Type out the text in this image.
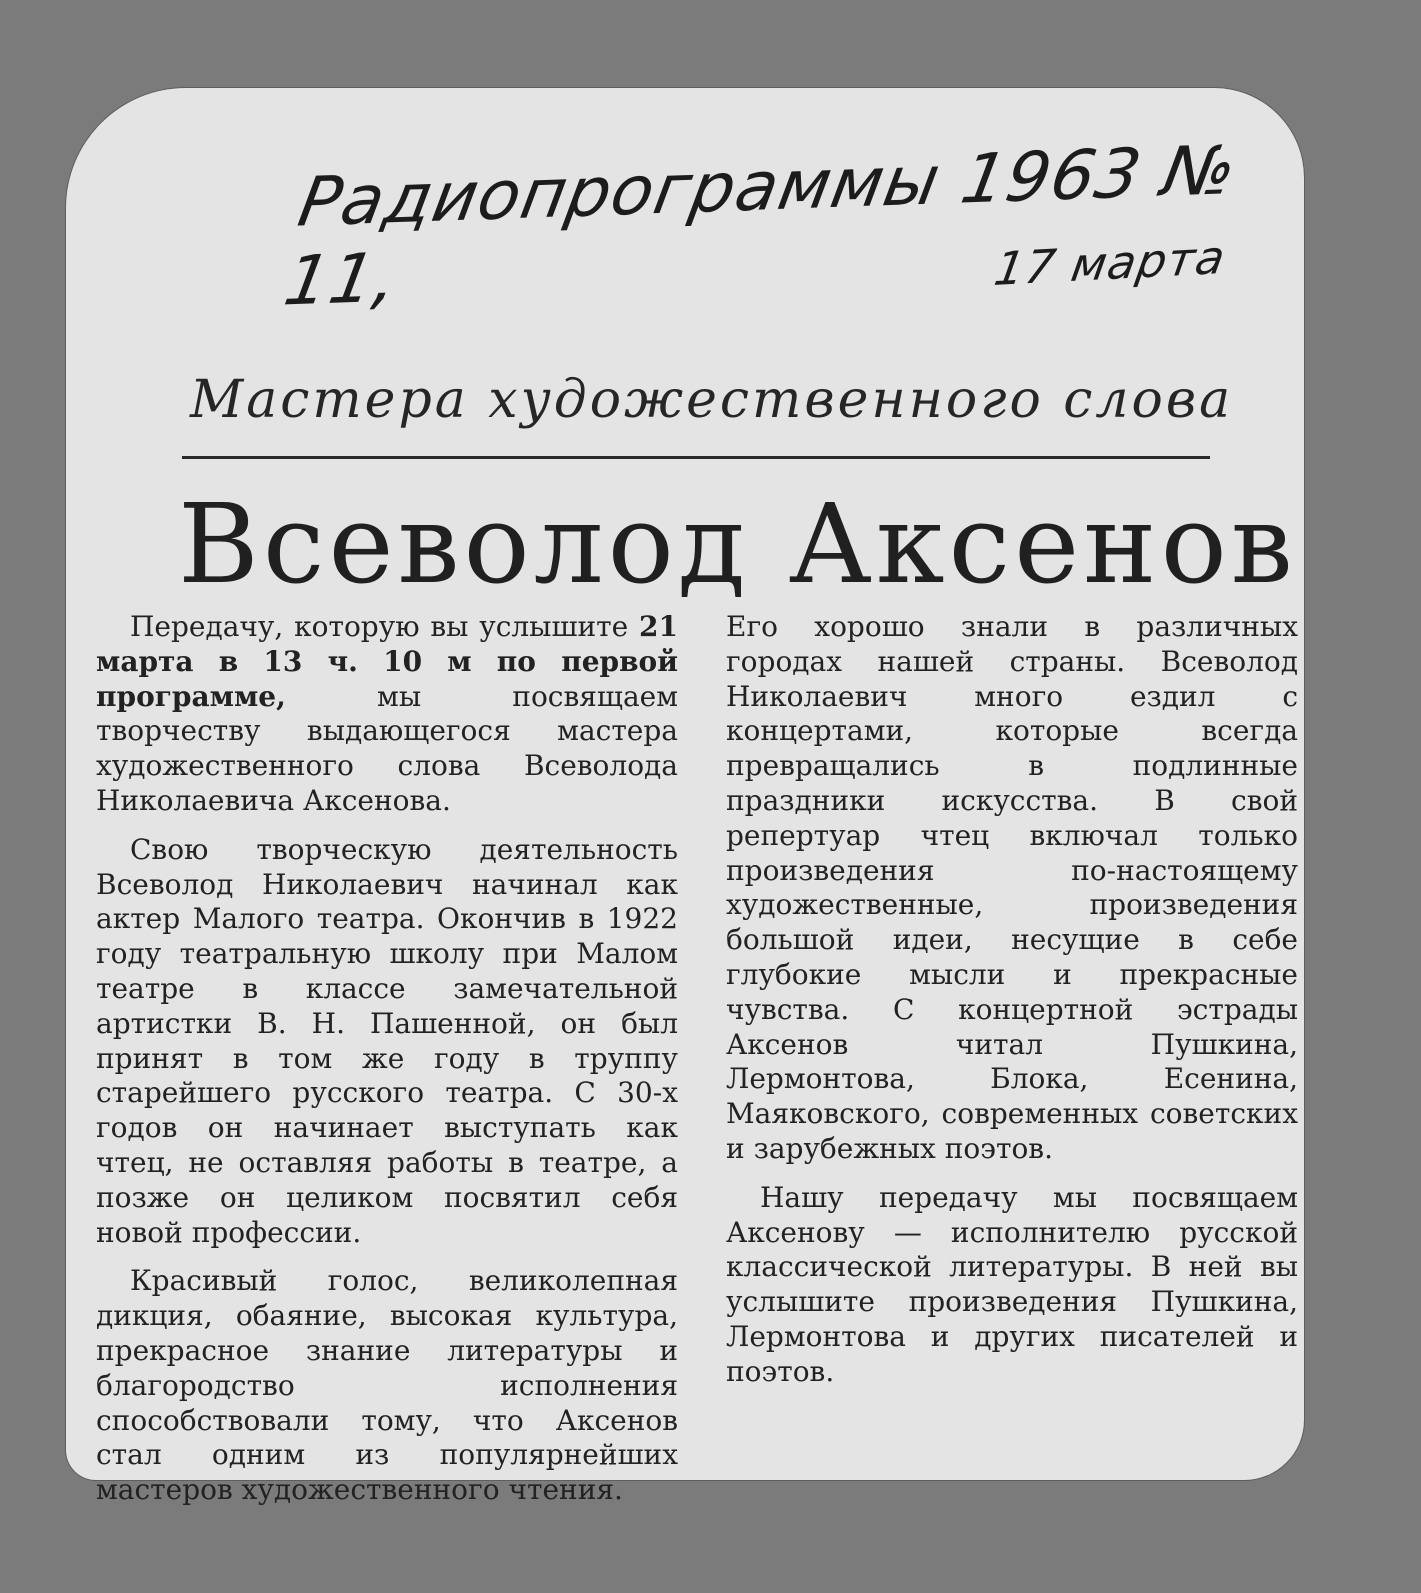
Радиопрограммы 1963 № 11,	17 марта
Мастера художественного слова
Всеволод Аксенов

Передачу, которую вы услышите 21 марта в 13 ч. 10 м по первой программе, мы посвящаем творчеству выдающегося мастера художественного слова Всеволода Николаевича Аксенова.

Свою творческую деятельность Всеволод Николаевич начинал как актер Малого театра. Окончив в 1922 году театральную школу при Малом театре в классе замечательной артистки В. Н. Пашенной, он был принят в том же году в труппу старейшего русского театра. С 30-х годов он начинает выступать как чтец, не оставляя работы в театре, а позже он целиком посвятил себя новой профессии.

Красивый голос, великолепная дикция, обаяние, высокая культура, прекрасное знание литературы и благородство исполнения способствовали тому, что Аксенов стал одним из популярнейших мастеров художественного чтения.

Его хорошо знали в различных городах нашей страны. Всеволод Николаевич много ездил с концертами, которые всегда превращались в подлинные праздники искусства. В свой репертуар чтец включал только произведения по-настоящему художественные, произведения большой идеи, несущие в себе глубокие мысли и прекрасные чувства. С концертной эстрады Аксенов читал Пушкина, Лермонтова, Блока, Есенина, Маяковского, современных советских и зарубежных поэтов.

Нашу передачу мы посвящаем Аксенову — исполнителю русской классической литературы. В ней вы услышите произведения Пушкина, Лермонтова и других писателей и поэтов.
